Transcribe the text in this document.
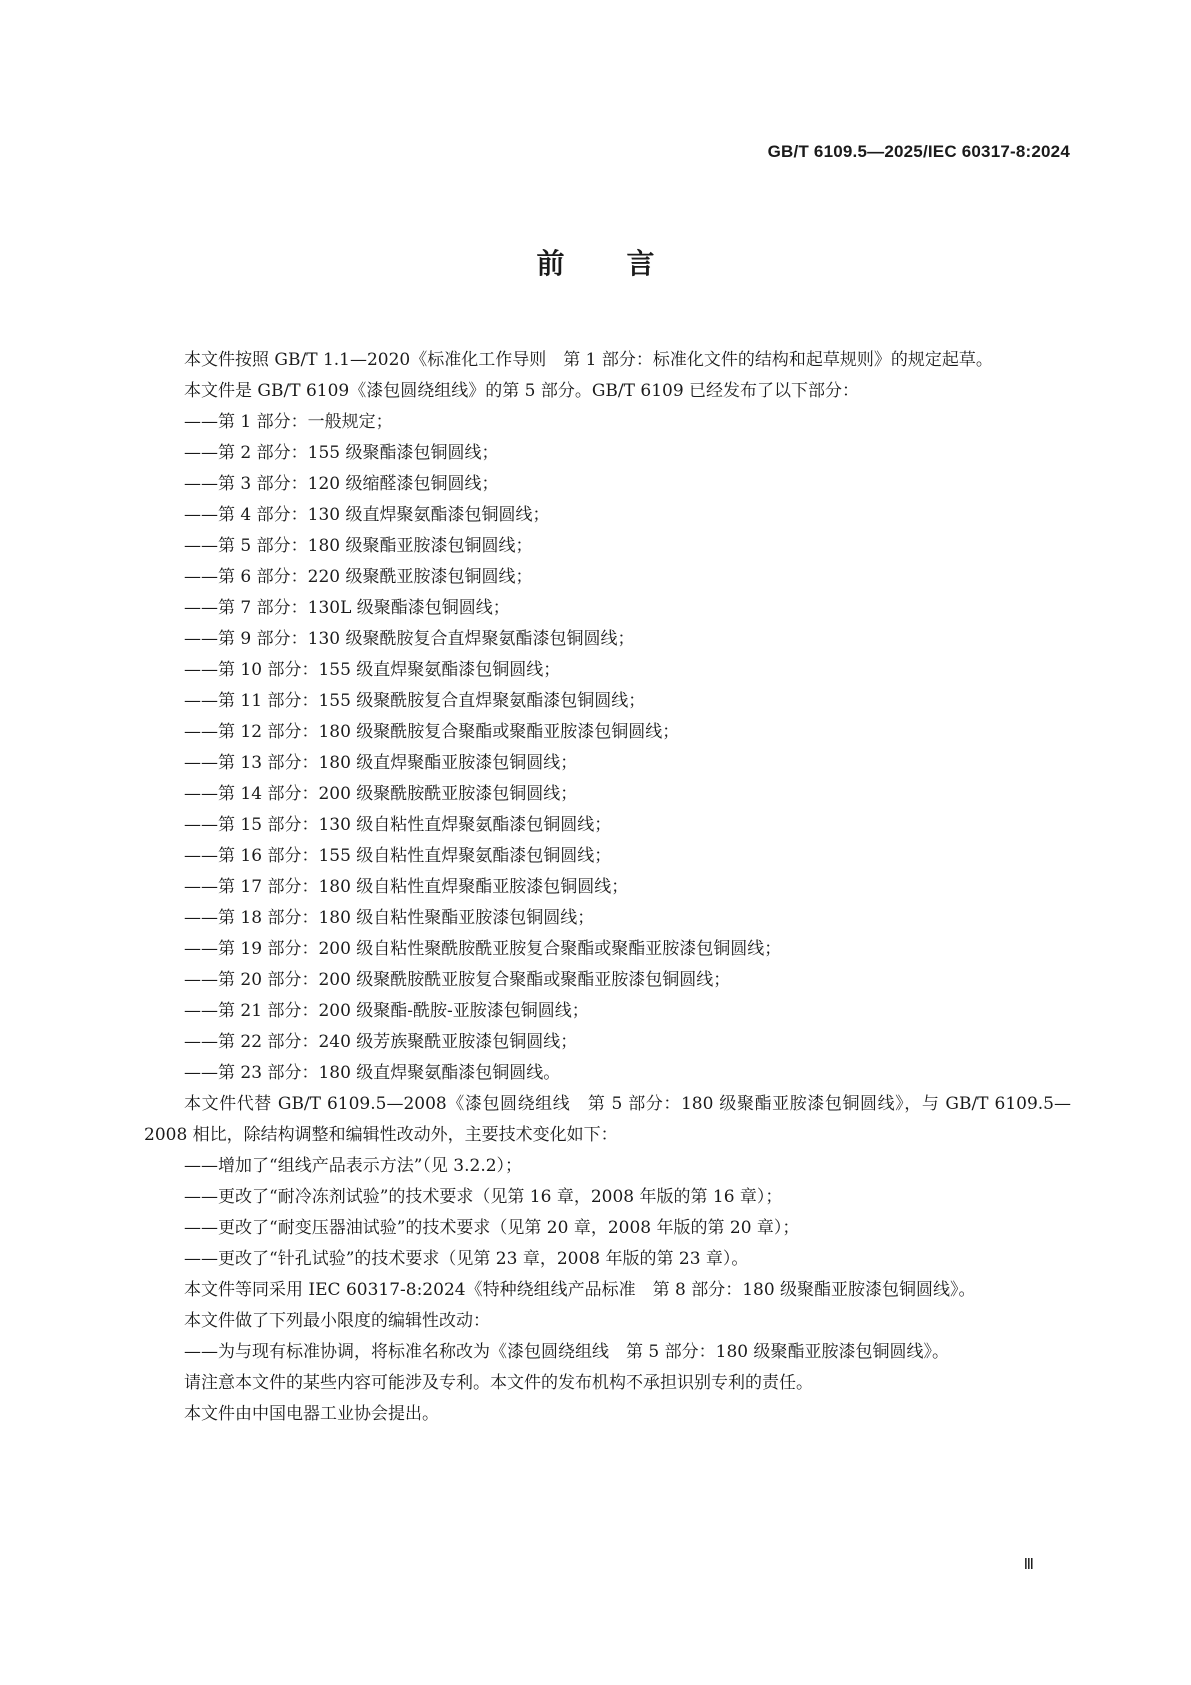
GB/T 6109.5—2025/IEC 60317-8:2024
前 言

本文件按照 GB/T 1.1—2020《标准化工作导则　第 1 部分：标准化文件的结构和起草规则》的规定起草。

本文件是 GB/T 6109《漆包圆绕组线》的第 5 部分。GB/T 6109 已经发布了以下部分：

——第 1 部分：一般规定；

——第 2 部分：155 级聚酯漆包铜圆线；

——第 3 部分：120 级缩醛漆包铜圆线；

——第 4 部分：130 级直焊聚氨酯漆包铜圆线；

——第 5 部分：180 级聚酯亚胺漆包铜圆线；

——第 6 部分：220 级聚酰亚胺漆包铜圆线；

——第 7 部分：130L 级聚酯漆包铜圆线；

——第 9 部分：130 级聚酰胺复合直焊聚氨酯漆包铜圆线；

——第 10 部分：155 级直焊聚氨酯漆包铜圆线；

——第 11 部分：155 级聚酰胺复合直焊聚氨酯漆包铜圆线；

——第 12 部分：180 级聚酰胺复合聚酯或聚酯亚胺漆包铜圆线；

——第 13 部分：180 级直焊聚酯亚胺漆包铜圆线；

——第 14 部分：200 级聚酰胺酰亚胺漆包铜圆线；

——第 15 部分：130 级自粘性直焊聚氨酯漆包铜圆线；

——第 16 部分：155 级自粘性直焊聚氨酯漆包铜圆线；

——第 17 部分：180 级自粘性直焊聚酯亚胺漆包铜圆线；

——第 18 部分：180 级自粘性聚酯亚胺漆包铜圆线；

——第 19 部分：200 级自粘性聚酰胺酰亚胺复合聚酯或聚酯亚胺漆包铜圆线；

——第 20 部分：200 级聚酰胺酰亚胺复合聚酯或聚酯亚胺漆包铜圆线；

——第 21 部分：200 级聚酯-酰胺-亚胺漆包铜圆线；

——第 22 部分：240 级芳族聚酰亚胺漆包铜圆线；

——第 23 部分：180 级直焊聚氨酯漆包铜圆线。

本文件代替 GB/T 6109.5—2008《漆包圆绕组线　第 5 部分：180 级聚酯亚胺漆包铜圆线》，与 GB/T 6109.5—2008 相比，除结构调整和编辑性改动外，主要技术变化如下：

——增加了“组线产品表示方法”（见 3.2.2）；

——更改了“耐冷冻剂试验”的技术要求（见第 16 章，2008 年版的第 16 章）；

——更改了“耐变压器油试验”的技术要求（见第 20 章，2008 年版的第 20 章）；

——更改了“针孔试验”的技术要求（见第 23 章，2008 年版的第 23 章）。

本文件等同采用 IEC 60317-8:2024《特种绕组线产品标准　第 8 部分：180 级聚酯亚胺漆包铜圆线》。

本文件做了下列最小限度的编辑性改动：

——为与现有标准协调，将标准名称改为《漆包圆绕组线　第 5 部分：180 级聚酯亚胺漆包铜圆线》。

请注意本文件的某些内容可能涉及专利。本文件的发布机构不承担识别专利的责任。

本文件由中国电器工业协会提出。

Ⅲ
